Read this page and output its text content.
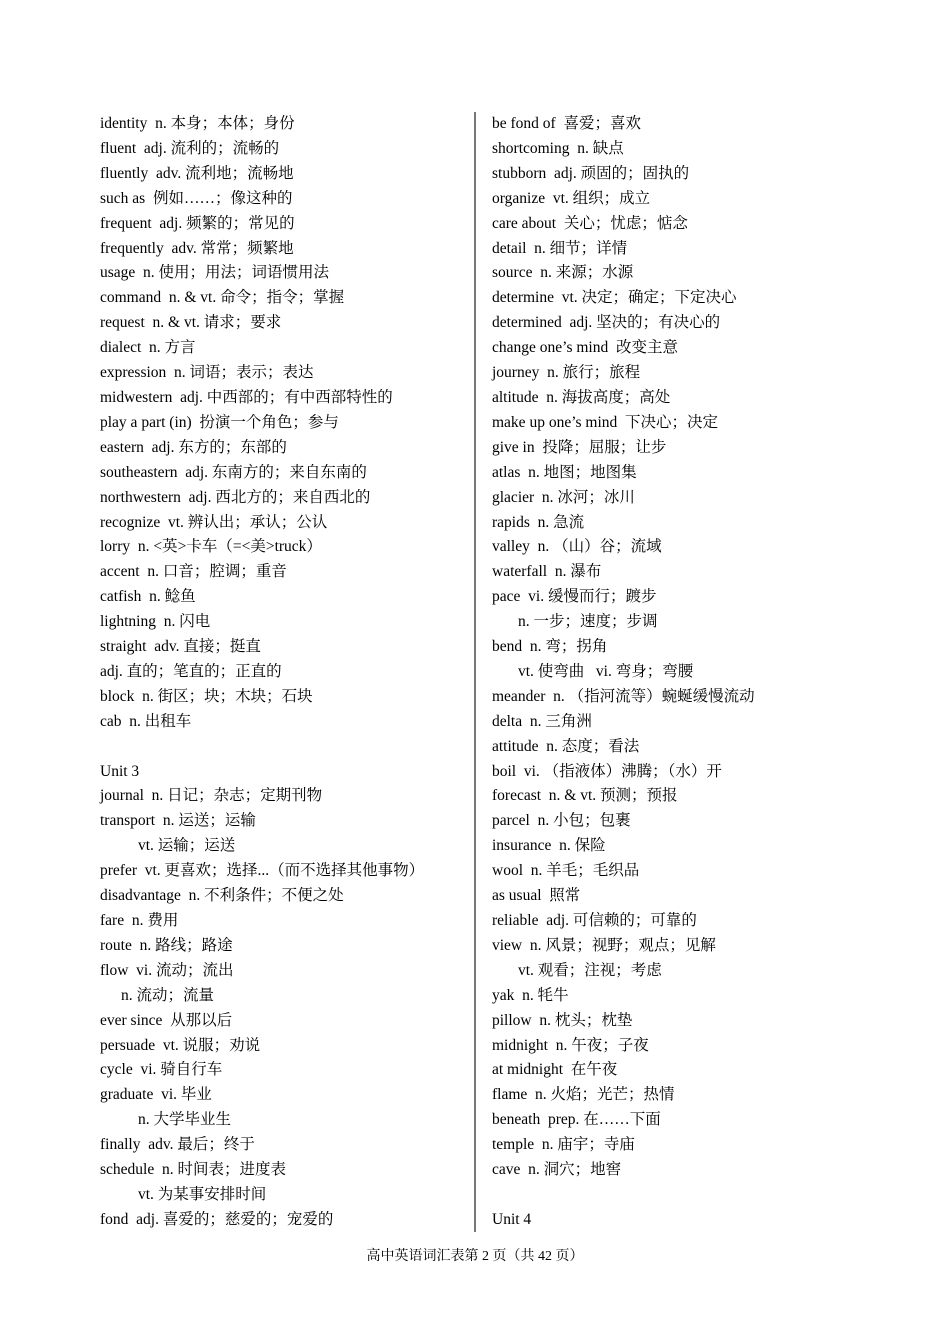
identity  n. 本身；本体；身份
fluent  adj. 流利的；流畅的
fluently  adv. 流利地；流畅地
such as  例如……；像这种的
frequent  adj. 频繁的；常见的
frequently  adv. 常常；频繁地
usage  n. 使用；用法；词语惯用法
command  n. & vt. 命令；指令；掌握
request  n. & vt. 请求；要求
dialect  n. 方言
expression  n. 词语；表示；表达
midwestern  adj. 中西部的；有中西部特性的
play a part (in)  扮演一个角色；参与
eastern  adj. 东方的；东部的
southeastern  adj. 东南方的；来自东南的
northwestern  adj. 西北方的；来自西北的
recognize  vt. 辨认出；承认；公认
lorry  n. <英>卡车（=<美>truck）
accent  n. 口音；腔调；重音
catfish  n. 鲶鱼
lightning  n. 闪电
straight  adv. 直接；挺直
adj. 直的；笔直的；正直的
block  n. 街区；块；木块；石块
cab  n. 出租车
Unit 3
journal  n. 日记；杂志；定期刊物
transport  n. 运送；运输
vt. 运输；运送
prefer  vt. 更喜欢；选择...（而不选择其他事物）
disadvantage  n. 不利条件；不便之处
fare  n. 费用
route  n. 路线；路途
flow  vi. 流动；流出
n. 流动；流量
ever since  从那以后
persuade  vt. 说服；劝说
cycle  vi. 骑自行车
graduate  vi. 毕业
n. 大学毕业生
finally  adv. 最后；终于
schedule  n. 时间表；进度表
vt. 为某事安排时间
fond  adj. 喜爱的；慈爱的；宠爱的
be fond of  喜爱；喜欢
shortcoming  n. 缺点
stubborn  adj. 顽固的；固执的
organize  vt. 组织；成立
care about  关心；忧虑；惦念
detail  n. 细节；详情
source  n. 来源；水源
determine  vt. 决定；确定；下定决心
determined  adj. 坚决的；有决心的
change one’s mind  改变主意
journey  n. 旅行；旅程
altitude  n. 海拔高度；高处
make up one’s mind  下决心；决定
give in  投降；屈服；让步
atlas  n. 地图；地图集
glacier  n. 冰河；冰川
rapids  n. 急流
valley  n. （山）谷；流域
waterfall  n. 瀑布
pace  vi. 缓慢而行；踱步
n. 一步；速度；步调
bend  n. 弯；拐角
vt. 使弯曲   vi. 弯身；弯腰
meander  n. （指河流等）蜿蜒缓慢流动
delta  n. 三角洲
attitude  n. 态度；看法
boil  vi. （指液体）沸腾；（水）开
forecast  n. & vt. 预测；预报
parcel  n. 小包；包裹
insurance  n. 保险
wool  n. 羊毛；毛织品
as usual  照常
reliable  adj. 可信赖的；可靠的
view  n. 风景；视野；观点；见解
vt. 观看；注视；考虑
yak  n. 牦牛
pillow  n. 枕头；枕垫
midnight  n. 午夜；子夜
at midnight  在午夜
flame  n. 火焰；光芒；热情
beneath  prep. 在……下面
temple  n. 庙宇；寺庙
cave  n. 洞穴；地窖
Unit 4
高中英语词汇表第 2 页（共 42 页）
